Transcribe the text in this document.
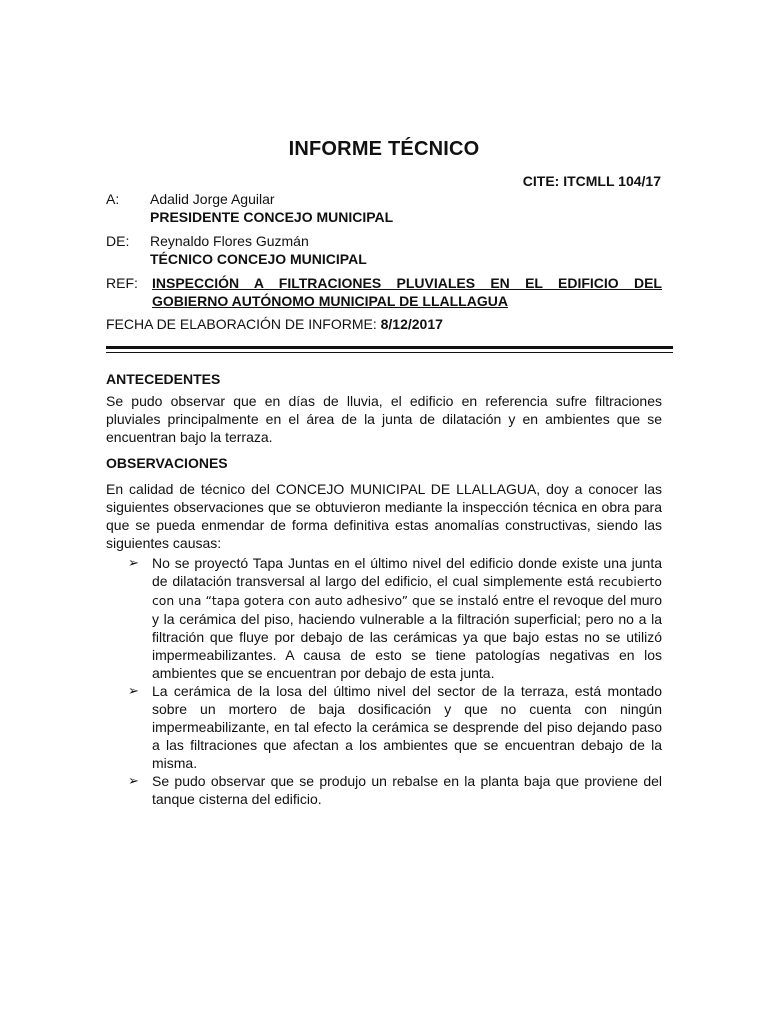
INFORME TÉCNICO
CITE: ITCMLL 104/17
A: Adalid Jorge Aguilar
PRESIDENTE CONCEJO MUNICIPAL
DE: Reynaldo Flores Guzmán
TÉCNICO CONCEJO MUNICIPAL
REF: INSPECCIÓN A FILTRACIONES PLUVIALES EN EL EDIFICIO DEL
GOBIERNO AUTÓNOMO MUNICIPAL DE LLALLAGUA
FECHA DE ELABORACIÓN DE INFORME: 8/12/2017
ANTECEDENTES
Se pudo observar que en días de lluvia, el edificio en referencia sufre filtraciones pluviales principalmente en el área de la junta de dilatación y en ambientes que se encuentran bajo la terraza.
OBSERVACIONES
En calidad de técnico del CONCEJO MUNICIPAL DE LLALLAGUA, doy a conocer las siguientes observaciones que se obtuvieron mediante la inspección técnica en obra para que se pueda enmendar de forma definitiva estas anomalías constructivas, siendo las siguientes causas:
➢ No se proyectó Tapa Juntas en el último nivel del edificio donde existe una junta de dilatación transversal al largo del edificio, el cual simplemente está recubierto con una “tapa gotera con auto adhesivo” que se instaló entre el revoque del muro y la cerámica del piso, haciendo vulnerable a la filtración superficial; pero no a la filtración que fluye por debajo de las cerámicas ya que bajo estas no se utilizó impermeabilizantes. A causa de esto se tiene patologías negativas en los ambientes que se encuentran por debajo de esta junta.
➢ La cerámica de la losa del último nivel del sector de la terraza, está montado sobre un mortero de baja dosificación y que no cuenta con ningún impermeabilizante, en tal efecto la cerámica se desprende del piso dejando paso a las filtraciones que afectan a los ambientes que se encuentran debajo de la misma.
➢ Se pudo observar que se produjo un rebalse en la planta baja que proviene del tanque cisterna del edificio.
